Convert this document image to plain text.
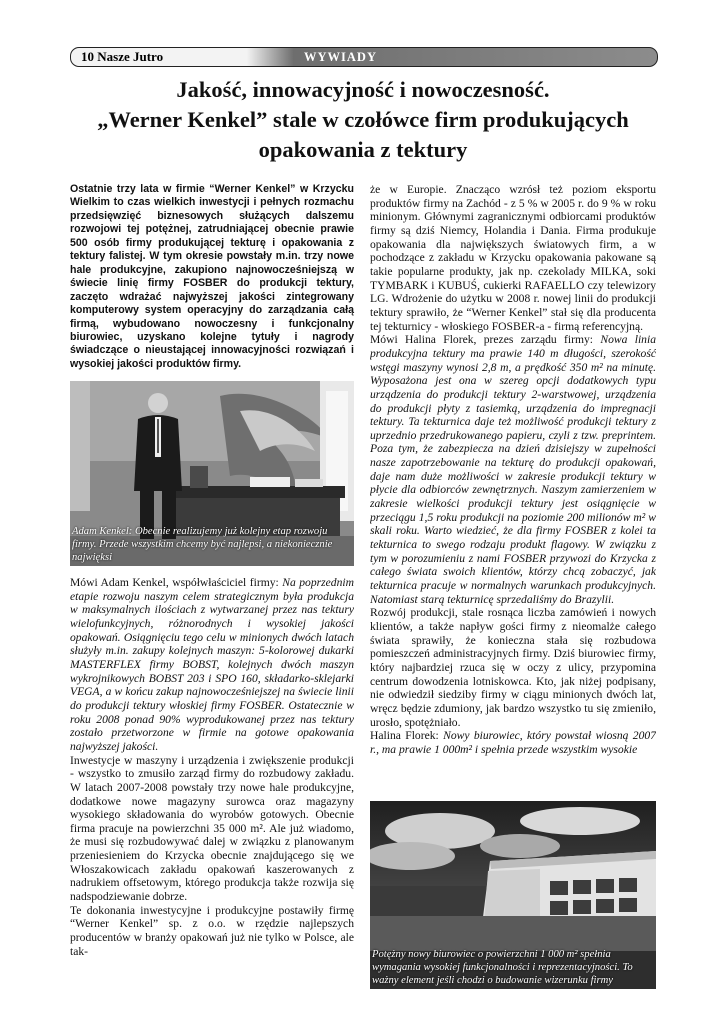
10 Nasze Jutro	WYWIADY
Jakość, innowacyjność i nowoczesność.
„Werner Kenkel” stale w czołówce firm produkujących
opakowania z tektury

Ostatnie trzy lata w firmie “Werner Kenkel” w Krzycku Wielkim to czas wielkich inwestycji i pełnych rozmachu przedsięwzięć biznesowych służących dalszemu rozwojowi tej potężnej, zatrudniającej obecnie prawie 500 osób firmy produkującej tekturę i opakowania z tektury falistej. W tym okresie powstały m.in. trzy nowe hale produkcyjne, zakupiono najnowocześniejszą w świecie linię firmy FOSBER do produkcji tektury, zaczęto wdrażać najwyższej jakości zintegrowany komputerowy system operacyjny do zarządzania całą firmą, wybudowano nowoczesny i funkcjonalny biurowiec, uzyskano kolejne tytuły i nagrody świadczące o nieustającej innowacyjności rozwiązań i wysokiej jakości produktów firmy.

Adam Kenkel: Obecnie realizujemy już kolejny etap rozwoju firmy. Przede wszystkim chcemy być najlepsi, a niekoniecznie najwięksi

Mówi Adam Kenkel, współwłaściciel firmy: Na poprzednim etapie rozwoju naszym celem strategicznym była produkcja w maksymalnych ilościach z wytwarzanej przez nas tektury wielofunkcyjnych, różnorodnych i wysokiej jakości opakowań. Osiągnięciu tego celu w minionych dwóch latach służyły m.in. zakupy kolejnych maszyn: 5-kolorowej dukarki MASTERFLEX firmy BOBST, kolejnych dwóch maszyn wykrojnikowych BOBST 203 i SPO 160, składarko-sklejarki VEGA, a w końcu zakup najnowocześniejszej na świecie linii do produkcji tektury włoskiej firmy FOSBER. Ostatecznie w roku 2008 ponad 90% wyprodukowanej przez nas tektury zostało przetworzone w firmie na gotowe opakowania najwyższej jakości.

Inwestycje w maszyny i urządzenia i zwiększenie produkcji - wszystko to zmusiło zarząd firmy do rozbudowy zakładu. W latach 2007-2008 powstały trzy nowe hale produkcyjne, dodatkowe nowe magazyny surowca oraz magazyny wysokiego składowania do wyrobów gotowych. Obecnie firma pracuje na powierzchni 35 000 m². Ale już wiadomo, że musi się rozbudowywać dalej w związku z planowanym przeniesieniem do Krzycka obecnie znajdującego się we Włoszakowicach zakładu opakowań kaszerowanych z nadrukiem offsetowym, którego produkcja także rozwija się nadspodziewanie dobrze.

Te dokonania inwestycyjne i produkcyjne postawiły firmę “Werner Kenkel” sp. z o.o. w rzędzie najlepszych producentów w branży opakowań już nie tylko w Polsce, ale tak-

że w Europie. Znacząco wzrósł też poziom eksportu produktów firmy na Zachód - z 5 % w 2005 r. do 9 % w roku minionym. Głównymi zagranicznymi odbiorcami produktów firmy są dziś Niemcy, Holandia i Dania. Firma produkuje opakowania dla największych światowych firm, a w pochodzące z zakładu w Krzycku opakowania pakowane są takie popularne produkty, jak np. czekolady MILKA, soki TYMBARK i KUBUŚ, cukierki RAFAELLO czy telewizory LG. Wdrożenie do użytku w 2008 r. nowej linii do produkcji tektury sprawiło, że “Werner Kenkel” stał się dla producenta tej tekturnicy - włoskiego FOSBER-a - firmą referencyjną.

Mówi Halina Florek, prezes zarządu firmy: Nowa linia produkcyjna tektury ma prawie 140 m długości, szerokość wstęgi maszyny wynosi 2,8 m, a prędkość 350 m² na minutę. Wyposażona jest ona w szereg opcji dodatkowych typu urządzenia do produkcji tektury 2-warstwowej, urządzenia do produkcji płyty z tasiemką, urządzenia do impregnacji tektury. Ta tekturnica daje też możliwość produkcji tektury z uprzednio przedrukowanego papieru, czyli z tzw. preprintem. Poza tym, że zabezpiecza na dzień dzisiejszy w zupełności nasze zapotrzebowanie na tekturę do produkcji opakowań, daje nam duże możliwości w zakresie produkcji tektury w płycie dla odbiorców zewnętrznych. Naszym zamierzeniem w zakresie wielkości produkcji tektury jest osiągnięcie w przeciągu 1,5 roku produkcji na poziomie 200 milionów m² w skali roku. Warto wiedzieć, że dla firmy FOSBER z kolei ta tekturnica to swego rodzaju produkt flagowy. W związku z tym w porozumieniu z nami FOSBER przywozi do Krzycka z całego świata swoich klientów, którzy chcą zobaczyć, jak tekturnica pracuje w normalnych warunkach produkcyjnych. Natomiast starą tekturnicę sprzedaliśmy do Brazylii.

Rozwój produkcji, stale rosnąca liczba zamówień i nowych klientów, a także napływ gości firmy z nieomalże całego świata sprawiły, że konieczna stała się rozbudowa pomieszczeń administracyjnych firmy. Dziś biurowiec firmy, który najbardziej rzuca się w oczy z ulicy, przypomina centrum dowodzenia lotniskowca. Kto, jak niżej podpisany, nie odwiedził siedziby firmy w ciągu minionych dwóch lat, wręcz będzie zdumiony, jak bardzo wszystko tu się zmieniło, urosło, spotężniało.

Halina Florek: Nowy biurowiec, który powstał wiosną 2007 r., ma prawie 1 000m² i spełnia przede wszystkim wysokie

Potężny nowy biurowiec o powierzchni 1 000 m² spełnia wymagania wysokiej funkcjonalności i reprezentacyjności. To ważny element jeśli chodzi o budowanie wizerunku firmy
